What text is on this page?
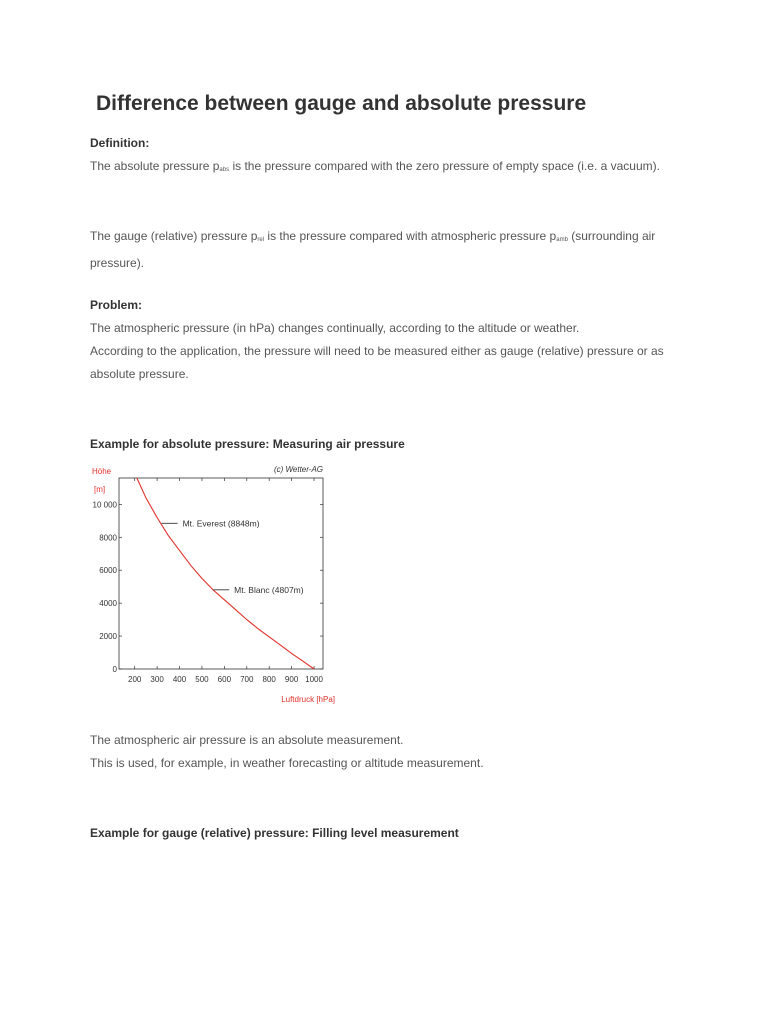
Difference between gauge and absolute pressure

Definition:

The absolute pressure $p_{abs}$ is the pressure compared with the zero pressure of empty space (i.e. a vacuum).

The gauge (relative) pressure $p_{rel}$ is the pressure compared with atmospheric pressure $p_{amb}$ (surrounding air pressure).

Problem:

The atmospheric pressure (in hPa) changes continually, according to the altitude or weather.
According to the application, the pressure will need to be measured either as gauge (relative) pressure or as absolute pressure.

Example for absolute pressure: Measuring air pressure

200 300 400 500 600 700 800 900 1000
0
2000
4000
6000
8000
10 000
Mt. Everest (8848m)
Mt. Blanc (4807m)
Höhe
[m]
Luftdruck [hPa]
(c) Wetter-AG

The atmospheric air pressure is an absolute measurement.
This is used, for example, in weather forecasting or altitude measurement.

Example for gauge (relative) pressure: Filling level measurement
